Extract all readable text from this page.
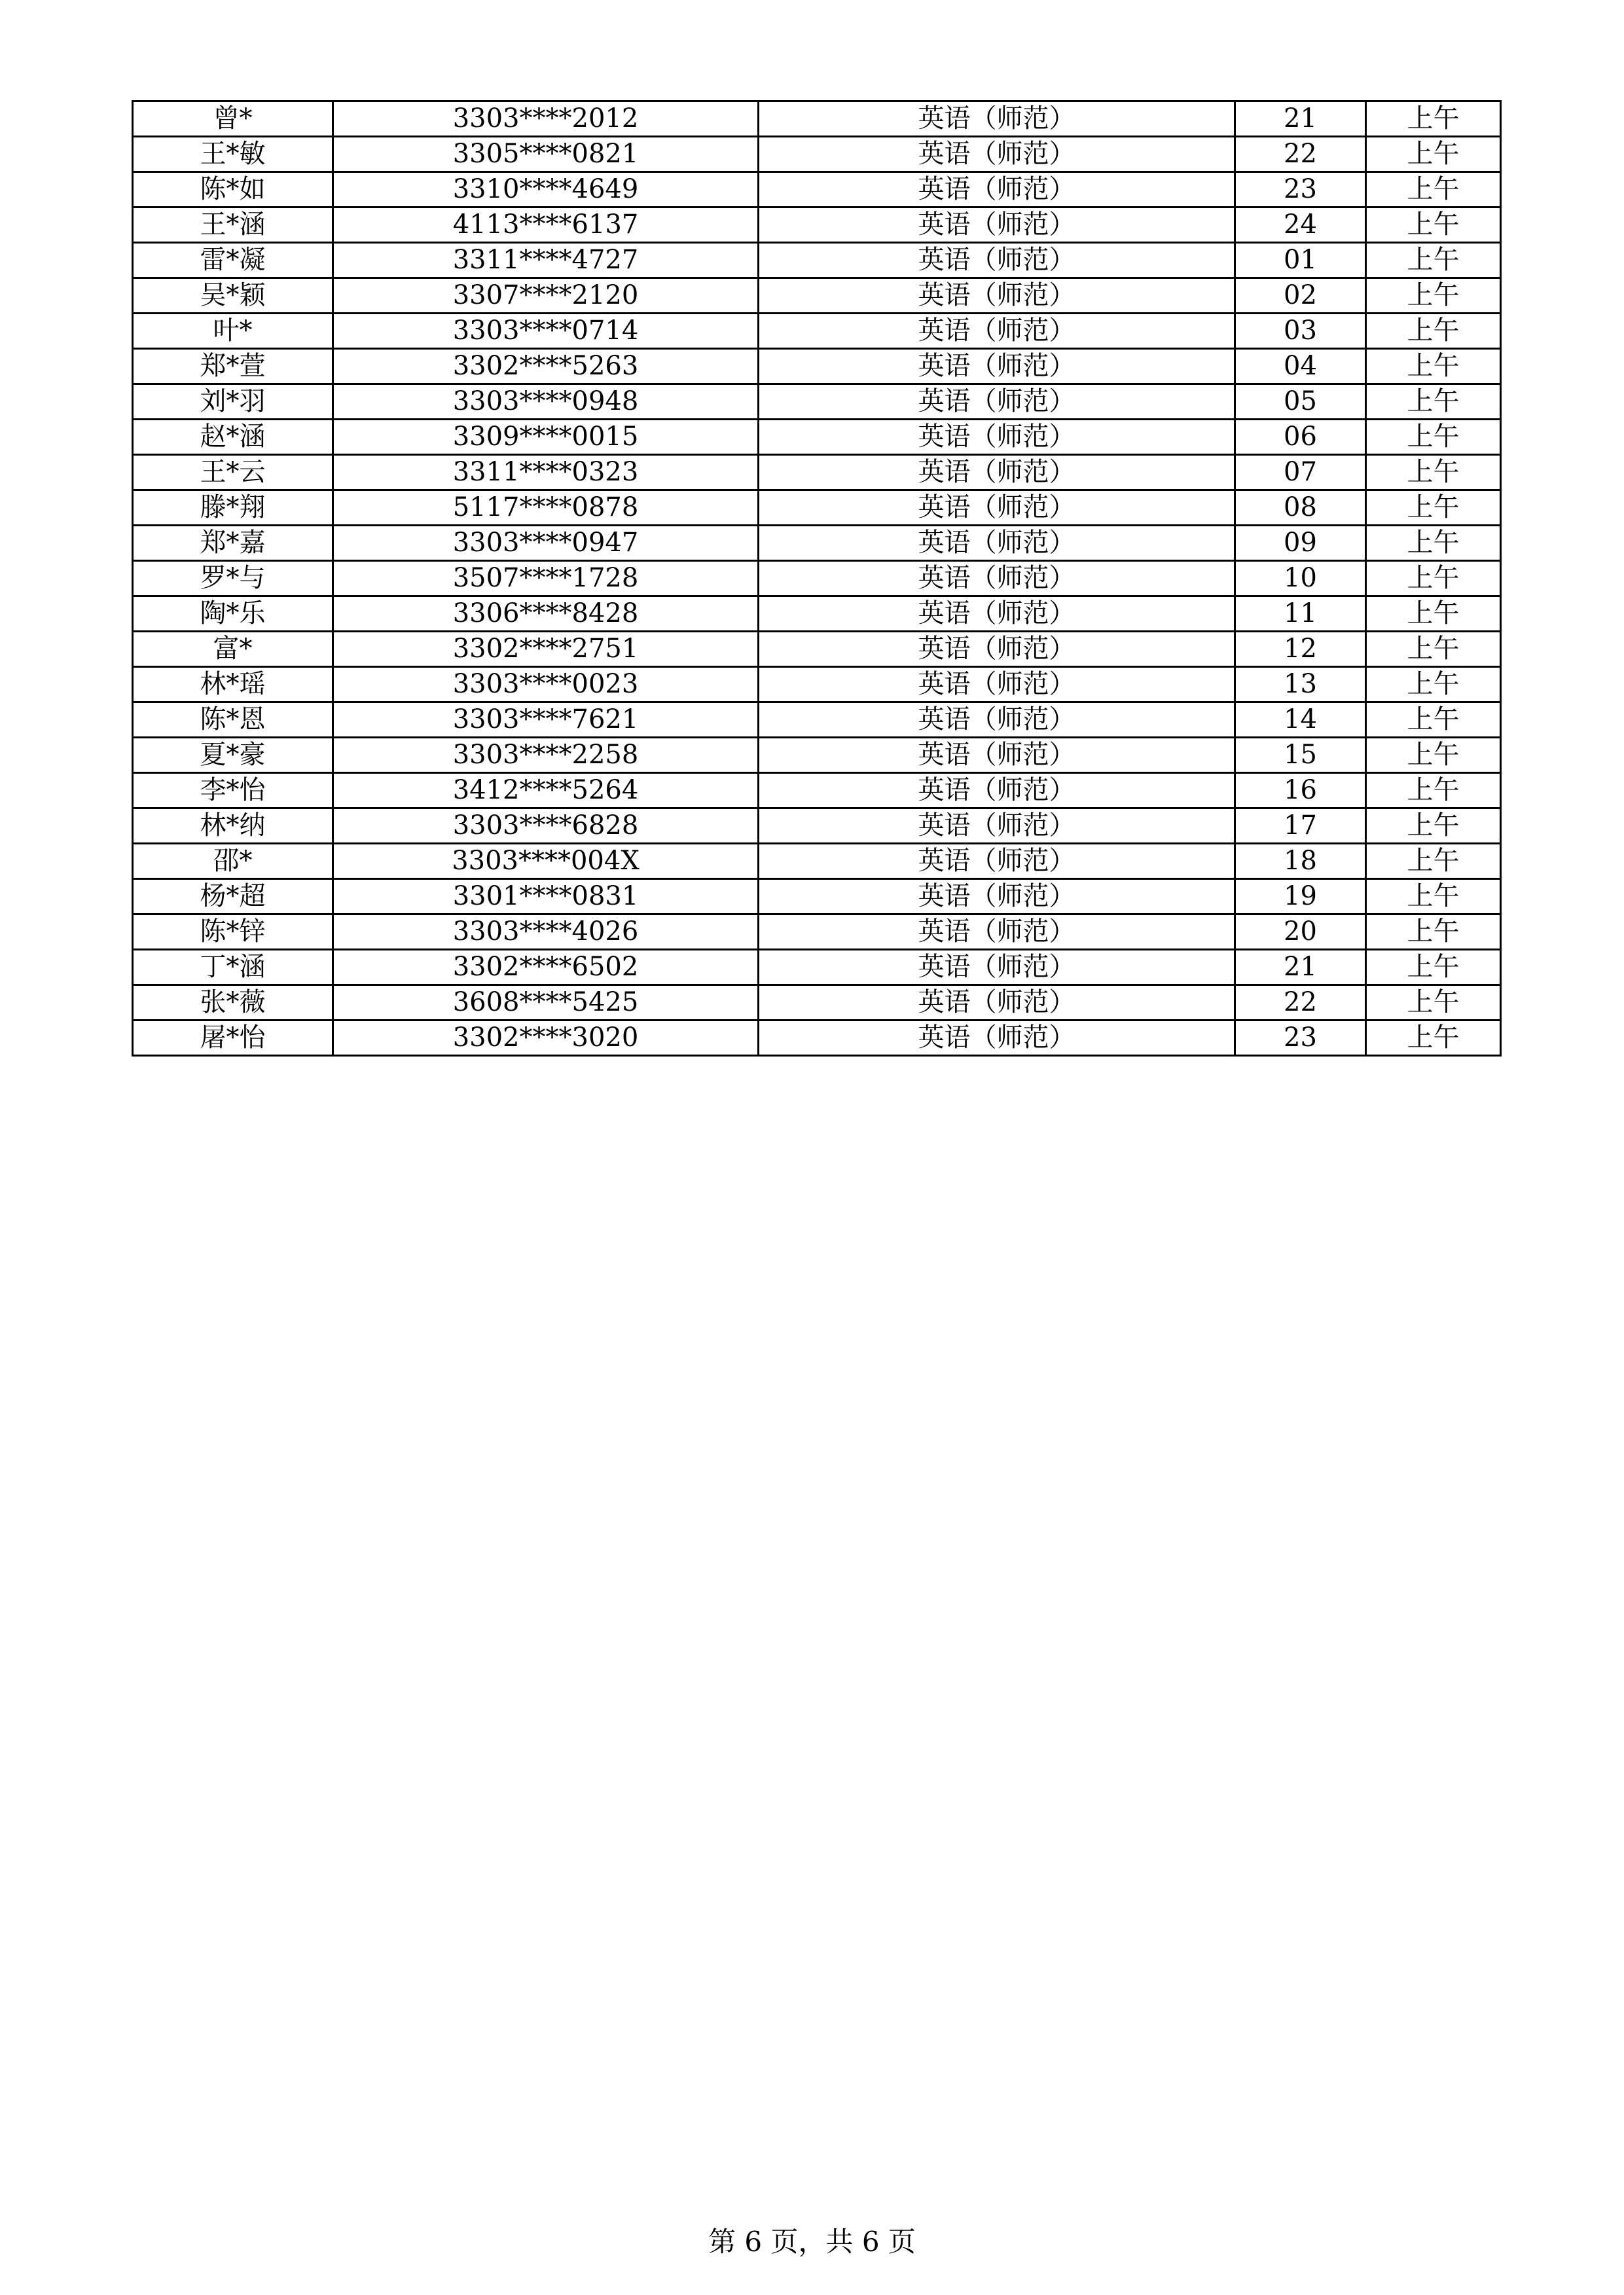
曾*	3303****2012	英语（师范）	21	上午
王*敏	3305****0821	英语（师范）	22	上午
陈*如	3310****4649	英语（师范）	23	上午
王*涵	4113****6137	英语（师范）	24	上午
雷*凝	3311****4727	英语（师范）	01	上午
吴*颖	3307****2120	英语（师范）	02	上午
叶*	3303****0714	英语（师范）	03	上午
郑*萱	3302****5263	英语（师范）	04	上午
刘*羽	3303****0948	英语（师范）	05	上午
赵*涵	3309****0015	英语（师范）	06	上午
王*云	3311****0323	英语（师范）	07	上午
滕*翔	5117****0878	英语（师范）	08	上午
郑*嘉	3303****0947	英语（师范）	09	上午
罗*与	3507****1728	英语（师范）	10	上午
陶*乐	3306****8428	英语（师范）	11	上午
富*	3302****2751	英语（师范）	12	上午
林*瑶	3303****0023	英语（师范）	13	上午
陈*恩	3303****7621	英语（师范）	14	上午
夏*豪	3303****2258	英语（师范）	15	上午
李*怡	3412****5264	英语（师范）	16	上午
林*纳	3303****6828	英语（师范）	17	上午
邵*	3303****004X	英语（师范）	18	上午
杨*超	3301****0831	英语（师范）	19	上午
陈*锌	3303****4026	英语（师范）	20	上午
丁*涵	3302****6502	英语（师范）	21	上午
张*薇	3608****5425	英语（师范）	22	上午
屠*怡	3302****3020	英语（师范）	23	上午
第 6 页，共 6 页
